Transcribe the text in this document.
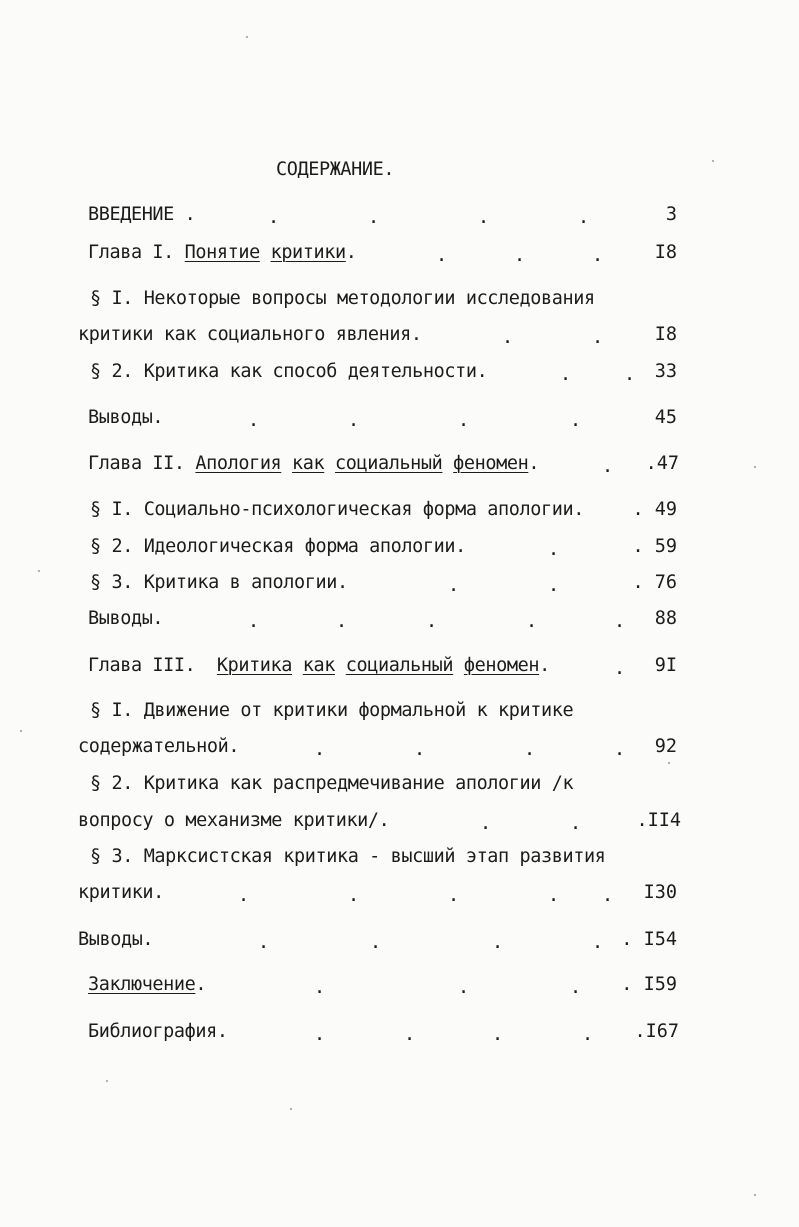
СОДЕРЖАНИЕ.
ВВЕДЕНИЕ .	.	.	.	.	3
Глава I. Понятие критики.	.	.	.	I8
§ I. Некоторые вопросы методологии исследования
критики как социального явления.	.	.	I8
§ 2. Критика как способ деятельности.	.	. 33
Выводы.	.	.	.	.	45
Глава II. Апология как социальный феномен.	. .47
§ I. Социально-психологическая форма апологии.	. 49
§ 2. Идеологическая форма апологии.	.	. 59
§ 3. Критика в апологии.	.	.	. 76
Выводы.	.	.	.	.	. 88
Глава III.  Критика как социальный феномен.	. 9I
§ I. Движение от критики формальной к критике
содержательной.	.	.	.	. 92
§ 2. Критика как распредмечивание апологии /к
вопросу о механизме критики/.	.	.	.II4
§ 3. Марксистская критика - высший этап развития
критики.	.	.	.	. . I30
Выводы.	.	.	.	. . I54
Заключение.	.	.	. . I59
Библиография.	.	.	.	. .I67
